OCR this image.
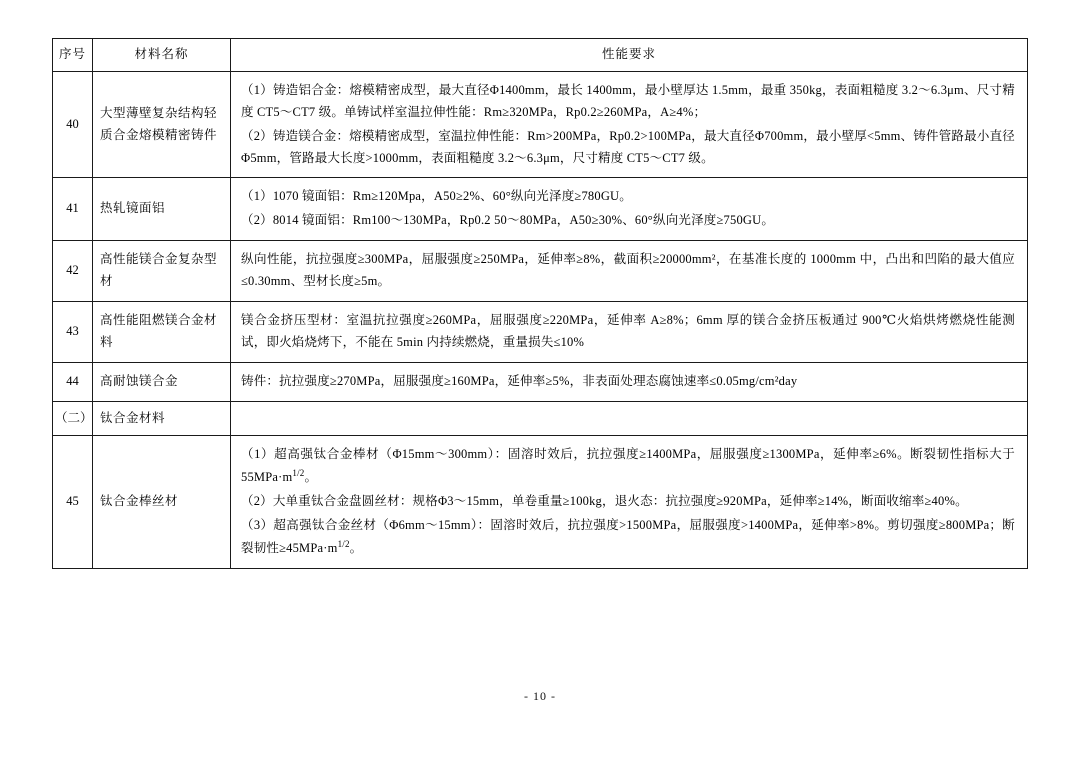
序号	材料名称	性能要求
40	大型薄壁复杂结构轻质合金熔模精密铸件	（1）铸造铝合金：熔模精密成型，最大直径Φ1400mm，最长 1400mm，最小壁厚达 1.5mm，最重 350kg，表面粗糙度 3.2～6.3μm、尺寸精度 CT5～CT7 级。单铸试样室温拉伸性能：Rm≥320MPa，Rp0.2≥260MPa，A≥4%；

（2）铸造镁合金：熔模精密成型，室温拉伸性能：Rm>200MPa，Rp0.2>100MPa，最大直径Φ700mm，最小壁厚<5mm、铸件管路最小直径Φ5mm，管路最大长度>1000mm，表面粗糙度 3.2～6.3μm，尺寸精度 CT5～CT7 级。

41	热轧镜面铝	（1）1070 镜面铝：Rm≥120Mpa，A50≥2%、60°纵向光泽度≥780GU。

（2）8014 镜面铝：Rm100～130MPa，Rp0.2 50～80MPa，A50≥30%、60°纵向光泽度≥750GU。

42	高性能镁合金复杂型材	纵向性能，抗拉强度≥300MPa，屈服强度≥250MPa，延伸率≥8%，截面积≥20000mm²，在基准长度的 1000mm 中，凸出和凹陷的最大值应≤0.30mm、型材长度≥5m。

43	高性能阻燃镁合金材料	镁合金挤压型材：室温抗拉强度≥260MPa，屈服强度≥220MPa，延伸率 A≥8%；6mm 厚的镁合金挤压板通过 900℃火焰烘烤燃烧性能测试，即火焰烧烤下，不能在 5min 内持续燃烧，重量损失≤10%

44	高耐蚀镁合金	铸件：抗拉强度≥270MPa，屈服强度≥160MPa，延伸率≥5%，非表面处理态腐蚀速率≤0.05mg/cm²day

（二）	钛合金材料	
45	钛合金棒丝材	（1）超高强钛合金棒材（Φ15mm～300mm）：固溶时效后，抗拉强度≥1400MPa，屈服强度≥1300MPa，延伸率≥6%。断裂韧性指标大于 $55MPa\cdot m^{1/2}$。

（2）大单重钛合金盘圆丝材：规格Φ3～15mm，单卷重量≥100kg，退火态：抗拉强度≥920MPa，延伸率≥14%，断面收缩率≥40%。

（3）超高强钛合金丝材（Φ6mm～15mm）：固溶时效后，抗拉强度>1500MPa，屈服强度>1400MPa，延伸率>8%。剪切强度≥800MPa；断裂韧性$\ge 45MPa\cdot m^{1/2}$。

- 10 -
